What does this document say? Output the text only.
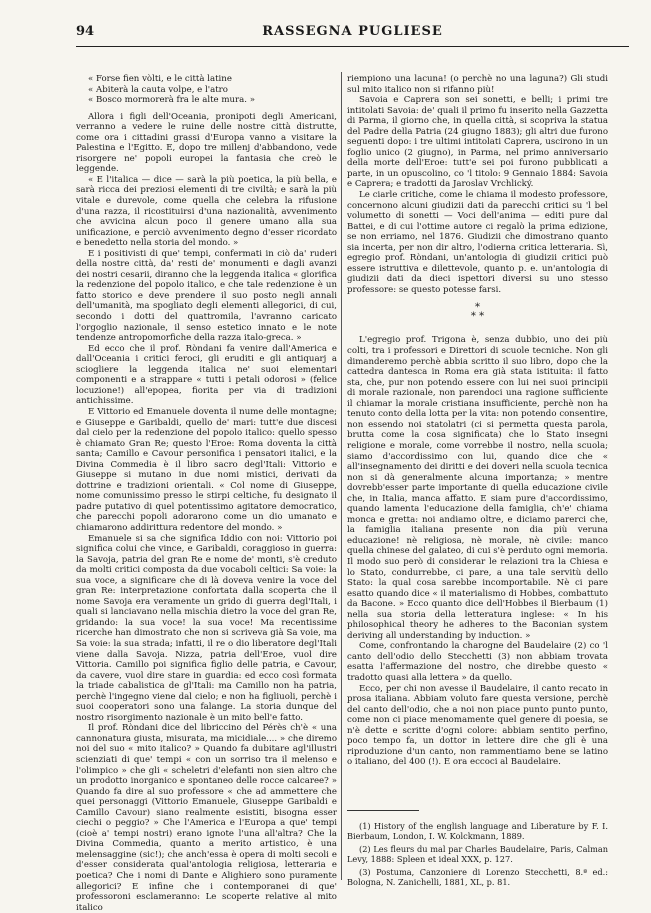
94	RASSEGNA PUGLIESE
« Forse fien vòlti, e le città latine
« Abiterà la cauta volpe, e l'atro
« Bosco mormorerà fra le alte mura. »

Allora i figli dell'Oceania, pronipoti degli Americani, verranno a vedere le ruine delle nostre città distrutte, come ora i cittadini grassi d'Europa vanno a visitare la Palestina e l'Egitto. E, dopo tre millenj d'abbandono, vede risorgere ne' popoli europei la fantasia che creò le leggende.

« E l'italica — dice — sarà la più poetica, la più bella, e sarà ricca dei preziosi elementi di tre civiltà; e sarà la più vitale e durevole, come quella che celebra la rifusione d'una razza, il ricostituirsi d'una nazionalità, avvenimento che avvicina alcun poco il genere umano alla sua unificazione, e perciò avvenimento degno d'esser ricordato e benedetto nella storia del mondo. »

E i positivisti di que' tempi, confermati in ciò da' ruderi della nostre città, da' resti de' monumenti e dagli avanzi dei nostri cesarii, diranno che la leggenda italica « glorifica la redenzione del popolo italico, e che tale redenzione è un fatto storico e deve prendere il suo posto negli annali dell'umanità, ma spogliato degli elementi allegorici, di cui, secondo i dotti del quattromila, l'avranno caricato l'orgoglio nazionale, il senso estetico innato e le note tendenze antropomorfiche della razza italo-greca. »

Ed ecco che il prof. Ròndani fa venire dall'America e dall'Oceania i critici feroci, gli eruditi e gli antiquarj a sciogliere la leggenda italica ne' suoi elementari componenti e a strappare « tutti i petali odorosi » (felice locuzione!) all'epopea, fiorita per via di tradizioni antichissime.

E Vittorio ed Emanuele doventa il nume delle montagne; e Giuseppe e Garibaldi, quello de' mari: tutt'e due discesi dal cielo per la redenzione del popolo italico: quello spesso è chiamato Gran Re; questo l'Eroe: Roma doventa la città santa; Camillo e Cavour personifica i pensatori italici, e la Divina Commedia è il libro sacro degl'Itali: Vittorio e Giuseppe si mutano in due nomi mistici, derivati da dottrine e tradizioni orientali. « Col nome di Giuseppe, nome comunissimo presso le stirpi celtiche, fu designato il padre putativo di quel potentissimo agitatore democratico, che parecchi popoli adorarono come un dio umanato e chiamarono addirittura redentore del mondo. »

Emanuele si sa che significa Iddio con noi: Vittorio poi significa colui che vince, e Garibaldi, coraggioso in guerra: la Savoja, patria del gran Re e nome de' monti, s'è creduto da molti critici composta da due vocaboli celtici: Sa voie: la sua voce, a significare che di là doveva venire la voce del gran Re: interpretazione confortata dalla scoperta che il nome Savoja era veramente un grido di guerra degl'Itali, i quali si lanciavano nella mischia dietro la voce del gran Re, gridando: la sua voce! la sua voce! Ma recentissime ricerche han dimostrato che non si scriveva già Sa voie, ma Sa voie: la sua strada; infatti, il re o dio liberatore degl'Itali viene dalla Savoja. Nizza, patria dell'Eroe, vuol dire Vittoria. Camillo poi significa figlio delle patria, e Cavour, da cavere, vuol dire stare in guardia: ed ecco così formata la triade cabalistica de gl'Itali: ma Camillo non ha patria, perchè l'ingegno viene dal cielo; e non ha figliuoli, perchè i suoi cooperatori sono una falange. La storia dunque del nostro risorgimento nazionale è un mito bell'e fatto.

Il prof. Ròndani dice del libriccino del Pérès ch'è « una cannonatura giusta, misurata, ma micidiale.... » che diremo noi del suo « mito italico? » Quando fa dubitare agl'illustri scienziati di que' tempi « con un sorriso tra il melenso e l'olimpico » che gli « scheletri d'elefanti non sien altro che un prodotto inorganico e spontaneo delle rocce calcaree? » Quando fa dire al suo professore « che ad ammettere che quei personaggi (Vittorio Emanuele, Giuseppe Garibaldi e Camillo Cavour) siano realmente esistiti, bisogna esser ciechi o peggio? » Che l'America e l'Europa a que' tempi (cioè a' tempi nostri) erano ignote l'una all'altra? Che la Divina Commedia, quanto a merito artistico, è una melensaggine (sic!); che anch'essa è opera di molti secoli e d'esser considerata qual'antologia religiosa, letteraria e poetica? Che i nomi di Dante e Alighiero sono puramente allegorici? E infine che i contemporanei di que' professoroni esclameranno: Le scoperte relative al mito italico

riempiono una lacuna! (o perchè no una laguna?) Gli studi sul mito italico non si rifanno più!

Savoia e Caprera son sei sonetti, e belli; i primi tre intitolati Savoia: de' quali il primo fu inserito nella Gazzetta di Parma, il giorno che, in quella città, si scopriva la statua del Padre della Patria (24 giugno 1883); gli altri due furono seguenti dopo: i tre ultimi intitolati Caprera, uscirono in un foglio unico (2 giugno), in Parma, nel primo anniversario della morte dell'Eroe: tutt'e sei poi furono pubblicati a parte, in un opuscolino, co 'l titolo: 9 Gennaio 1884: Savoia e Caprera; e tradotti da Jaroslav Vrchlický.

Le ciarle critiche, come le chiama il modesto professore, concernono alcuni giudizii dati da parecchi critici su 'l bel volumetto di sonetti — Voci dell'anima — editi pure dal Battei, e di cui l'ottime autore ci regalò la prima edizione, se non erriamo, nel 1876. Giudizii che dimostrano quanto sia incerta, per non dir altro, l'odierna critica letteraria. Sì, egregio prof. Ròndani, un'antologia di giudizii critici può essere istruttiva e dilettevole, quanto p. e. un'antologia di giudizii dati da dieci ispettori diversi su uno stesso professore: se questo potesse farsi.

*
* *

L'egregio prof. Trigona è, senza dubbio, uno dei più colti, tra i professori e Direttori di scuole tecniche. Non gli dimanderemo perchè abbia scritto il suo libro, dopo che la cattedra dantesca in Roma era già stata istituita: il fatto sta, che, pur non potendo essere con lui nei suoi principii di morale razionale, non parendoci una ragione sufficiente il chiamar la morale cristiana insufficiente, perchè non ha tenuto conto della lotta per la vita: non potendo consentire, non essendo noi statolatri (ci si permetta questa parola, brutta come la cosa significata) che lo Stato insegni religione e morale, come vorrebbe il nostro, nella scuola; siamo d'accordissimo con lui, quando dice che « all'insegnamento dei diritti e dei doveri nella scuola tecnica non si dà generalmente alcuna importanza; » mentre dovrebb'esser parte importante di quella educazione civile che, in Italia, manca affatto. E siam pure d'accordissimo, quando lamenta l'educazione della famiglia, ch'e' chiama monca e gretta: noi andiamo oltre, e diciamo parerci che, la famiglia italiana presente non dia più veruna educazione! nè religiosa, nè morale, nè civile: manco quella chinese del galateo, di cui s'è perduto ogni memoria. Il modo suo però di considerar le relazioni tra la Chiesa e lo Stato, condurrebbe, ci pare, a una tale servitù dello Stato: la qual cosa sarebbe incomportabile. Nè ci pare esatto quando dice « il materialismo di Hobbes, combattuto da Bacone. » Ecco quanto dice dell'Hobbes il Bierbaum (1) nella sua storia della letteratura inglese: « In his philosophical theory he adheres to the Baconian system deriving all understanding by induction. »

Come, confrontando la charogne del Baudelaire (2) co 'l canto dell'odio dello Stecchetti (3) non abbiam trovata esatta l'affermazione del nostro, che direbbe questo « tradotto quasi alla lettera » da quello.

Ecco, per chi non avesse il Baudelaire, il canto recato in prosa italiana. Abbiam voluto fare questa versione, perchè del canto dell'odio, che a noi non piace punto punto punto, come non ci piace menomamente quel genere di poesia, se n'è dette e scritte d'ogni colore: abbiam sentito perfino, poco tempo fa, un dottor in lettere dire che gli è una riproduzione d'un canto, non rammentiamo bene se latino o italiano, del 400 (!). E ora eccoci al Baudelaire.

(1) History of the english language and Liberature by F. I. Bierbaum, London, I. W. Kolckmann, 1889.

(2) Les fleurs du mal par Charles Baudelaire, Paris, Calman Levy, 1888: Spleen et ideal XXX, p. 127.

(3) Postuma, Canzoniere di Lorenzo Stecchetti, 8.ª ed.: Bologna, N. Zanichelli, 1881, XL, p. 81.
